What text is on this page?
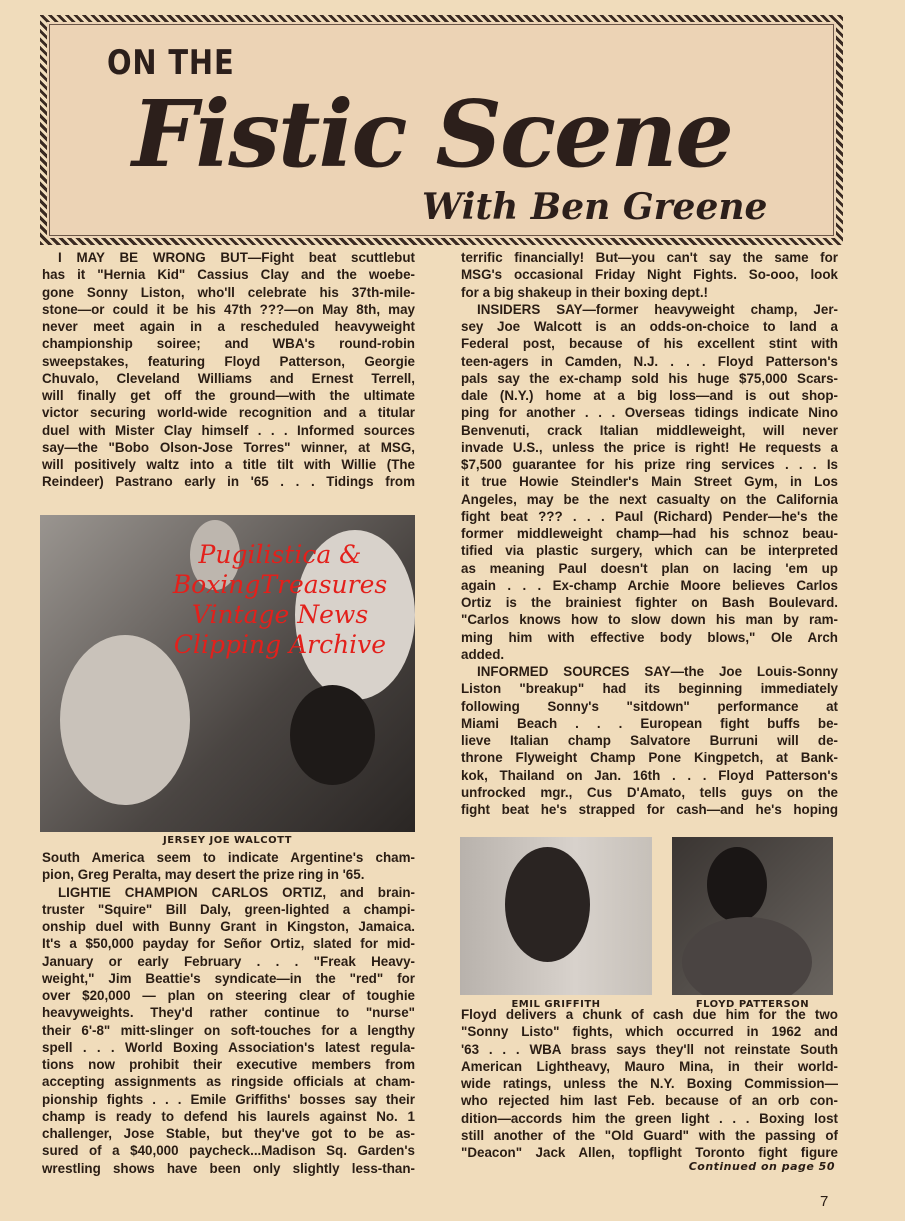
ON THE
Fistic Scene
With Ben Greene
I MAY BE WRONG BUT—Fight beat scuttlebut
has it "Hernia Kid" Cassius Clay and the woebe-
gone Sonny Liston, who'll celebrate his 37th-mile-
stone—or could it be his 47th ???—on May 8th, may
never meet again in a rescheduled heavyweight
championship soiree; and WBA's round-robin
sweepstakes, featuring Floyd Patterson, Georgie
Chuvalo, Cleveland Williams and Ernest Terrell,
will finally get off the ground—with the ultimate
victor securing world-wide recognition and a titular
duel with Mister Clay himself . . . Informed sources
say—the "Bobo Olson-Jose Torres" winner, at MSG,
will positively waltz into a title tilt with Willie (The
Reindeer) Pastrano early in '65 . . . Tidings from
JERSEY JOE WALCOTT
South America seem to indicate Argentine's cham-
pion, Greg Peralta, may desert the prize ring in '65.
LIGHTIE CHAMPION CARLOS ORTIZ, and brain-
truster "Squire" Bill Daly, green-lighted a champi-
onship duel with Bunny Grant in Kingston, Jamaica.
It's a $50,000 payday for Señor Ortiz, slated for mid-
January or early February . . . "Freak Heavy-
weight," Jim Beattie's syndicate—in the "red" for
over $20,000 — plan on steering clear of toughie
heavyweights. They'd rather continue to "nurse"
their 6'-8" mitt-slinger on soft-touches for a lengthy
spell . . . World Boxing Association's latest regula-
tions now prohibit their executive members from
accepting assignments as ringside officials at cham-
pionship fights . . . Emile Griffiths' bosses say their
champ is ready to defend his laurels against No. 1
challenger, Jose Stable, but they've got to be as-
sured of a $40,000 paycheck...Madison Sq. Garden's
wrestling shows have been only slightly less-than-
terrific financially! But—you can't say the same for
MSG's occasional Friday Night Fights. So-ooo, look
for a big shakeup in their boxing dept.!
INSIDERS SAY—former heavyweight champ, Jer-
sey Joe Walcott is an odds-on-choice to land a
Federal post, because of his excellent stint with
teen-agers in Camden, N.J. . . . Floyd Patterson's
pals say the ex-champ sold his huge $75,000 Scars-
dale (N.Y.) home at a big loss—and is out shop-
ping for another . . . Overseas tidings indicate Nino
Benvenuti, crack Italian middleweight, will never
invade U.S., unless the price is right! He requests a
$7,500 guarantee for his prize ring services . . . Is
it true Howie Steindler's Main Street Gym, in Los
Angeles, may be the next casualty on the California
fight beat ??? . . . Paul (Richard) Pender—he's the
former middleweight champ—had his schnoz beau-
tified via plastic surgery, which can be interpreted
as meaning Paul doesn't plan on lacing 'em up
again . . . Ex-champ Archie Moore believes Carlos
Ortiz is the brainiest fighter on Bash Boulevard.
"Carlos knows how to slow down his man by ram-
ming him with effective body blows," Ole Arch
added.
INFORMED SOURCES SAY—the Joe Louis-Sonny
Liston "breakup" had its beginning immediately
following Sonny's "sitdown" performance at
Miami Beach . . . European fight buffs be-
lieve Italian champ Salvatore Burruni will de-
throne Flyweight Champ Pone Kingpetch, at Bank-
kok, Thailand on Jan. 16th . . . Floyd Patterson's
unfrocked mgr., Cus D'Amato, tells guys on the
fight beat he's strapped for cash—and he's hoping
Pugilistica &
BoxingTreasures
Vintage News
Clipping Archive
EMIL GRIFFITH	FLOYD PATTERSON
Floyd delivers a chunk of cash due him for the two
"Sonny Listo" fights, which occurred in 1962 and
'63 . . . WBA brass says they'll not reinstate South
American Lightheavy, Mauro Mina, in their world-
wide ratings, unless the N.Y. Boxing Commission—
who rejected him last Feb. because of an orb con-
dition—accords him the green light . . . Boxing lost
still another of the "Old Guard" with the passing of
"Deacon" Jack Allen, topflight Toronto fight figure
Continued on page 50
7
